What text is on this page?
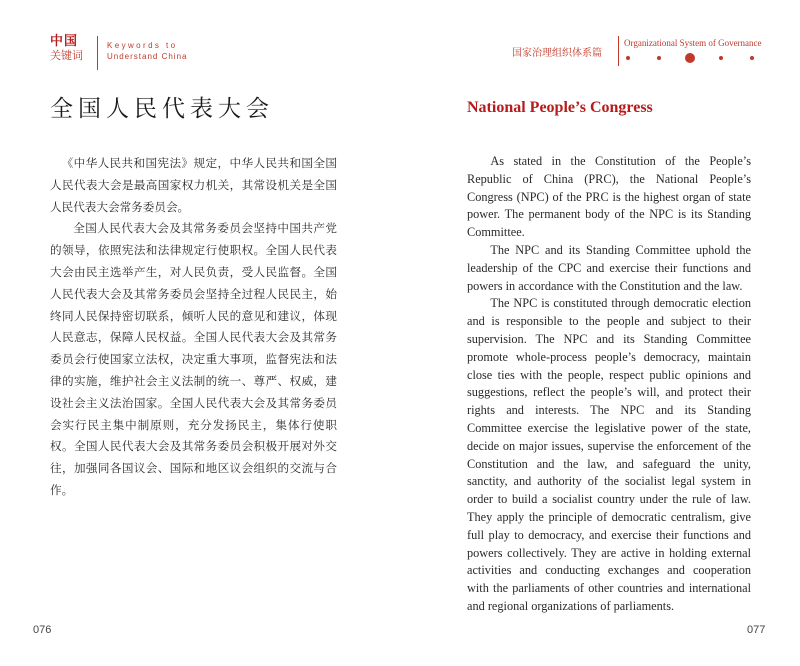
中国
关键词
Keywords to
Understand China
全国人民代表大会

《中华人民共和国宪法》规定，中华人民共和国全国人民代表大会是最高国家权力机关，其常设机关是全国人民代表大会常务委员会。

全国人民代表大会及其常务委员会坚持中国共产党的领导，依照宪法和法律规定行使职权。全国人民代表大会由民主选举产生，对人民负责，受人民监督。全国人民代表大会及其常务委员会坚持全过程人民民主，始终同人民保持密切联系，倾听人民的意见和建议，体现人民意志，保障人民权益。全国人民代表大会及其常务委员会行使国家立法权，决定重大事项，监督宪法和法律的实施，维护社会主义法制的统一、尊严、权威，建设社会主义法治国家。全国人民代表大会及其常务委员会实行民主集中制原则，充分发扬民主，集体行使职权。全国人民代表大会及其常务委员会积极开展对外交往，加强同各国议会、国际和地区议会组织的交流与合作。

076
国家治理组织体系篇
Organizational System of Governance
National People’s Congress

As stated in the Constitution of the People’s Republic of China (PRC), the National People’s Congress (NPC) of the PRC is the highest organ of state power. The permanent body of the NPC is its Standing Committee.

The NPC and its Standing Committee uphold the leadership of the CPC and exercise their functions and powers in accordance with the Constitution and the law.

The NPC is constituted through democratic election and is responsible to the people and subject to their supervision. The NPC and its Standing Committee promote whole-process people’s democracy, maintain close ties with the people, respect public opinions and suggestions, reflect the people’s will, and protect their rights and interests. The NPC and its Standing Committee exercise the legislative power of the state, decide on major issues, supervise the enforcement of the Constitution and the law, and safeguard the unity, sanctity, and authority of the socialist legal system in order to build a socialist country under the rule of law. They apply the principle of democratic centralism, give full play to democracy, and exercise their functions and powers collectively. They are active in holding external activities and conducting exchanges and cooperation with the parliaments of other countries and international and regional organizations of parliaments.

077
